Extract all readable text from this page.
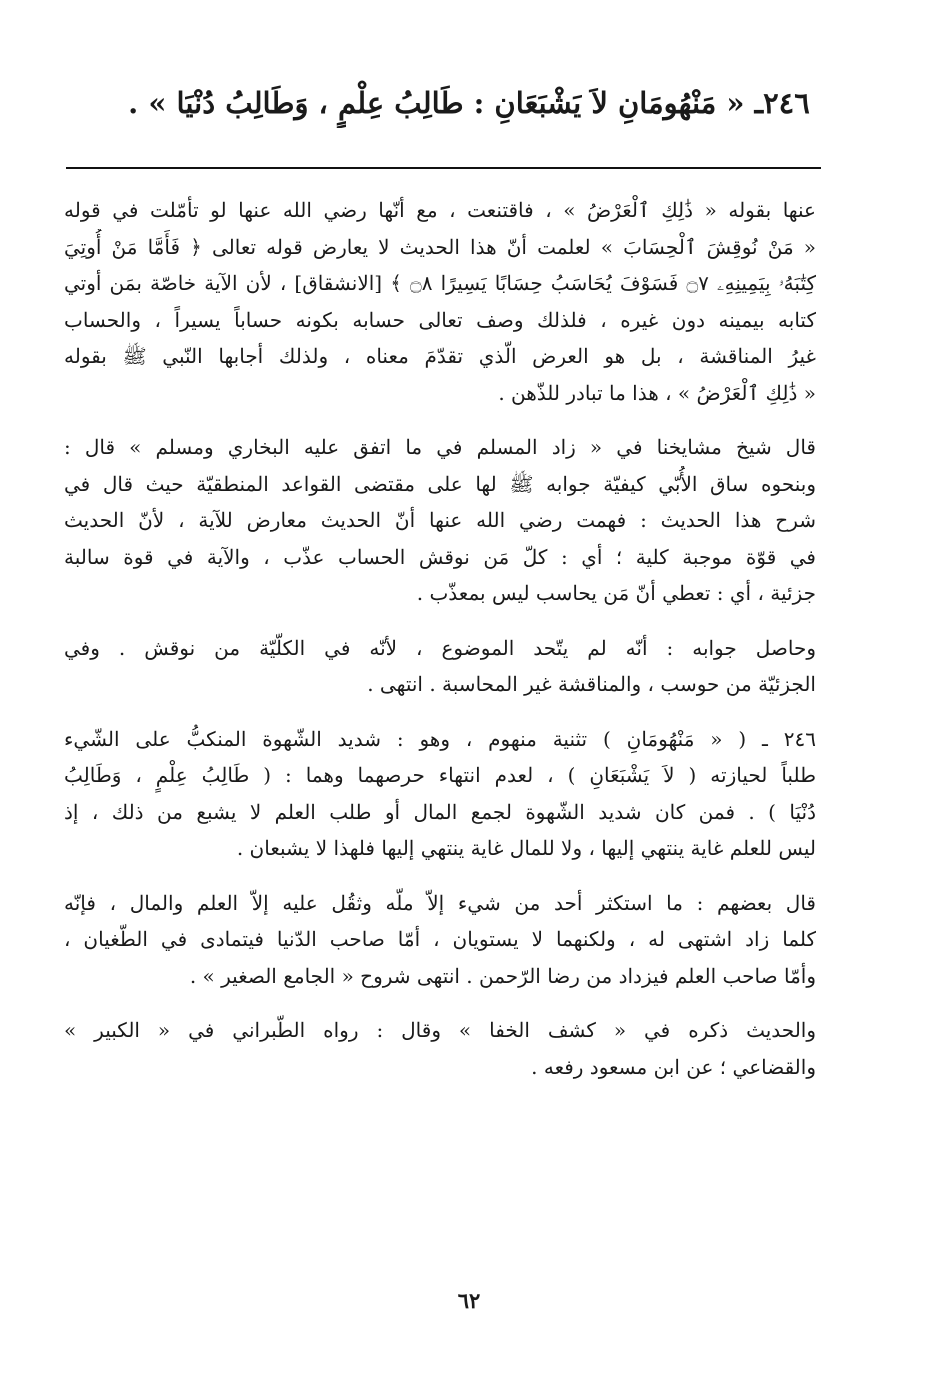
٢٤٦ـ « مَنْهُومَانِ لاَ يَشْبَعَانِ : طَالِبُ عِلْمٍ ، وَطَالِبُ دُنْيَا » .

عنها بقوله « ذَٰلِكِ ٱلْعَرْضُ » ، فاقتنعت ، مع أنّها رضي الله عنها لو تأمّلت في قوله
« مَنْ نُوقِشَ ٱلْحِسَابَ » لعلمت أنّ هذا الحديث لا يعارض قوله تعالى ﴿ فَأَمَّا مَنْ أُوتِيَ
كِتَٰبَهُۥ بِيَمِينِهِۦ ۝٧ فَسَوْفَ يُحَاسَبُ حِسَابًا يَسِيرًا ۝٨ ﴾ [الانشقاق] ، لأن الآية خاصّة بمَن أوتي
كتابه بيمينه دون غيره ، فلذلك وصف تعالى حسابه بكونه حساباً يسيراً ، والحساب
غيرُ المناقشة ، بل هو العرض الّذي تقدّمَ معناه ، ولذلك أجابها النّبي ﷺ بقوله
« ذَٰلِكِ ٱلْعَرْضُ » ، هذا ما تبادر للذّهن .

قال شيخ مشايخنا في « زاد المسلم في ما اتفق عليه البخاري ومسلم » قال :
وبنحوه ساق الأُبّي كيفيّة جوابه ﷺ لها على مقتضى القواعد المنطقيّة حيث قال في
شرح هذا الحديث : فهمت رضي الله عنها أنّ الحديث معارض للآية ، لأنّ الحديث
في قوّة موجبة كلية ؛ أي : كلّ مَن نوقش الحساب عذّب ، والآية في قوة سالبة
جزئية ، أي : تعطي أنّ مَن يحاسب ليس بمعذّب .

وحاصل جوابه : أنّه لم يتّحد الموضوع ، لأنّه في الكلّيّة من نوقش . وفي
الجزئيّة من حوسب ، والمناقشة غير المحاسبة . انتهى .

٢٤٦ ـ ( « مَنْهُومَانِ ) تثنية منهوم ، وهو : شديد الشّهوة المنكبُّ على الشّيء
طلباً لحيازته ( لاَ يَشْبَعَانِ ) ، لعدم انتهاء حرصهما وهما : ( طَالِبُ عِلْمٍ ، وَطَالِبُ
دُنْيَا ) . فمن كان شديد الشّهوة لجمع المال أو طلب العلم لا يشبع من ذلك ، إذ
ليس للعلم غاية ينتهي إليها ، ولا للمال غاية ينتهي إليها فلهذا لا يشبعان .

قال بعضهم : ما استكثر أحد من شيء إلاّ ملّه وثقُل عليه إلاّ العلم والمال ، فإنّه
كلما زاد اشتهى له ، ولكنهما لا يستويان ، أمّا صاحب الدّنيا فيتمادى في الطّغيان ،
وأمّا صاحب العلم فيزداد من رضا الرّحمن . انتهى شروح « الجامع الصغير » .

والحديث ذكره في « كشف الخفا » وقال : رواه الطّبراني في « الكبير »
والقضاعي ؛ عن ابن مسعود رفعه .

٦٢
